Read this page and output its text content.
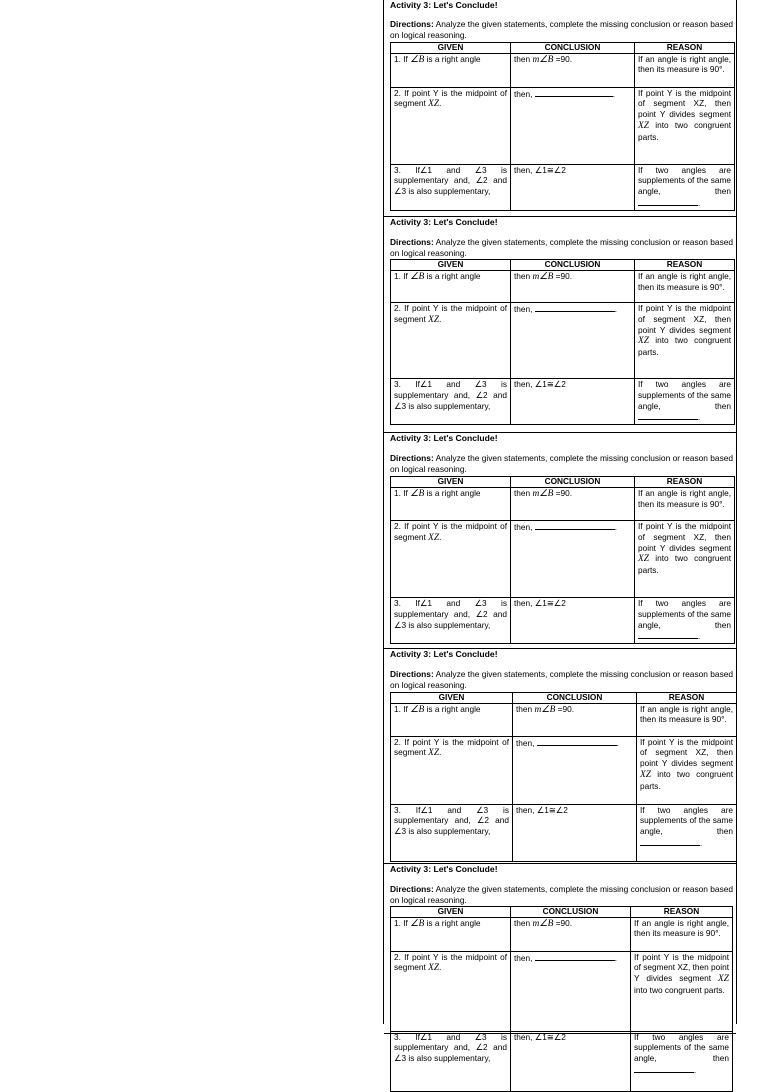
Activity 3: Let's Conclude!
Directions: Analyze the given statements, complete the missing conclusion or reason based on logical reasoning.
GIVEN	CONCLUSION	REASON
1. If ∠B is a right angle	then m∠B =90.	If an angle is right angle, then its measure is 90°.
2. If point Y is the midpoint of segment XZ.	then, .	If point Y is the midpoint of segment XZ, then point Y divides segment XZ into two congruent parts.
3. If∠1 and ∠3 is supplementary and, ∠2 and ∠3 is also supplementary,	then, ∠1≅∠2	If two angles are supplements of the same angle, then.
Activity 3: Let's Conclude!
Directions: Analyze the given statements, complete the missing conclusion or reason based on logical reasoning.
GIVEN	CONCLUSION	REASON
1. If ∠B is a right angle	then m∠B =90.	If an angle is right angle, then its measure is 90°.
2. If point Y is the midpoint of segment XZ.	then, .	If point Y is the midpoint of segment XZ, then point Y divides segment XZ into two congruent parts.
3. If∠1 and ∠3 is supplementary and, ∠2 and ∠3 is also supplementary,	then, ∠1≅∠2	If two angles are supplements of the same angle, then.
Activity 3: Let's Conclude!
Directions: Analyze the given statements, complete the missing conclusion or reason based on logical reasoning.
GIVEN	CONCLUSION	REASON
1. If ∠B is a right angle	then m∠B =90.	If an angle is right angle, then its measure is 90°.
2. If point Y is the midpoint of segment XZ.	then, .	If point Y is the midpoint of segment XZ, then point Y divides segment XZ into two congruent parts.
3. If∠1 and ∠3 is supplementary and, ∠2 and ∠3 is also supplementary,	then, ∠1≅∠2	If two angles are supplements of the same angle, then.
Activity 3: Let's Conclude!
Directions: Analyze the given statements, complete the missing conclusion or reason based on logical reasoning.
GIVEN	CONCLUSION	REASON
1. If ∠B is a right angle	then m∠B =90.	If an angle is right angle, then its measure is 90°.
2. If point Y is the midpoint of segment XZ.	then, .	If point Y is the midpoint of segment XZ, then point Y divides segment XZ into two congruent parts.
3. If∠1 and ∠3 is supplementary and, ∠2 and ∠3 is also supplementary,	then, ∠1≅∠2	If two angles are supplements of the same angle, then.
Activity 3: Let's Conclude!
Directions: Analyze the given statements, complete the missing conclusion or reason based on logical reasoning.
GIVEN	CONCLUSION	REASON
1. If ∠B is a right angle	then m∠B =90.	If an angle is right angle, then its measure is 90°.
2. If point Y is the midpoint of segment XZ.	then, .	If point Y is the midpoint of segment XZ, then point Y divides segment XZ into two congruent parts.
3. If∠1 and ∠3 is supplementary and, ∠2 and ∠3 is also supplementary,	then, ∠1≅∠2	If two angles are supplements of the same angle, then.
